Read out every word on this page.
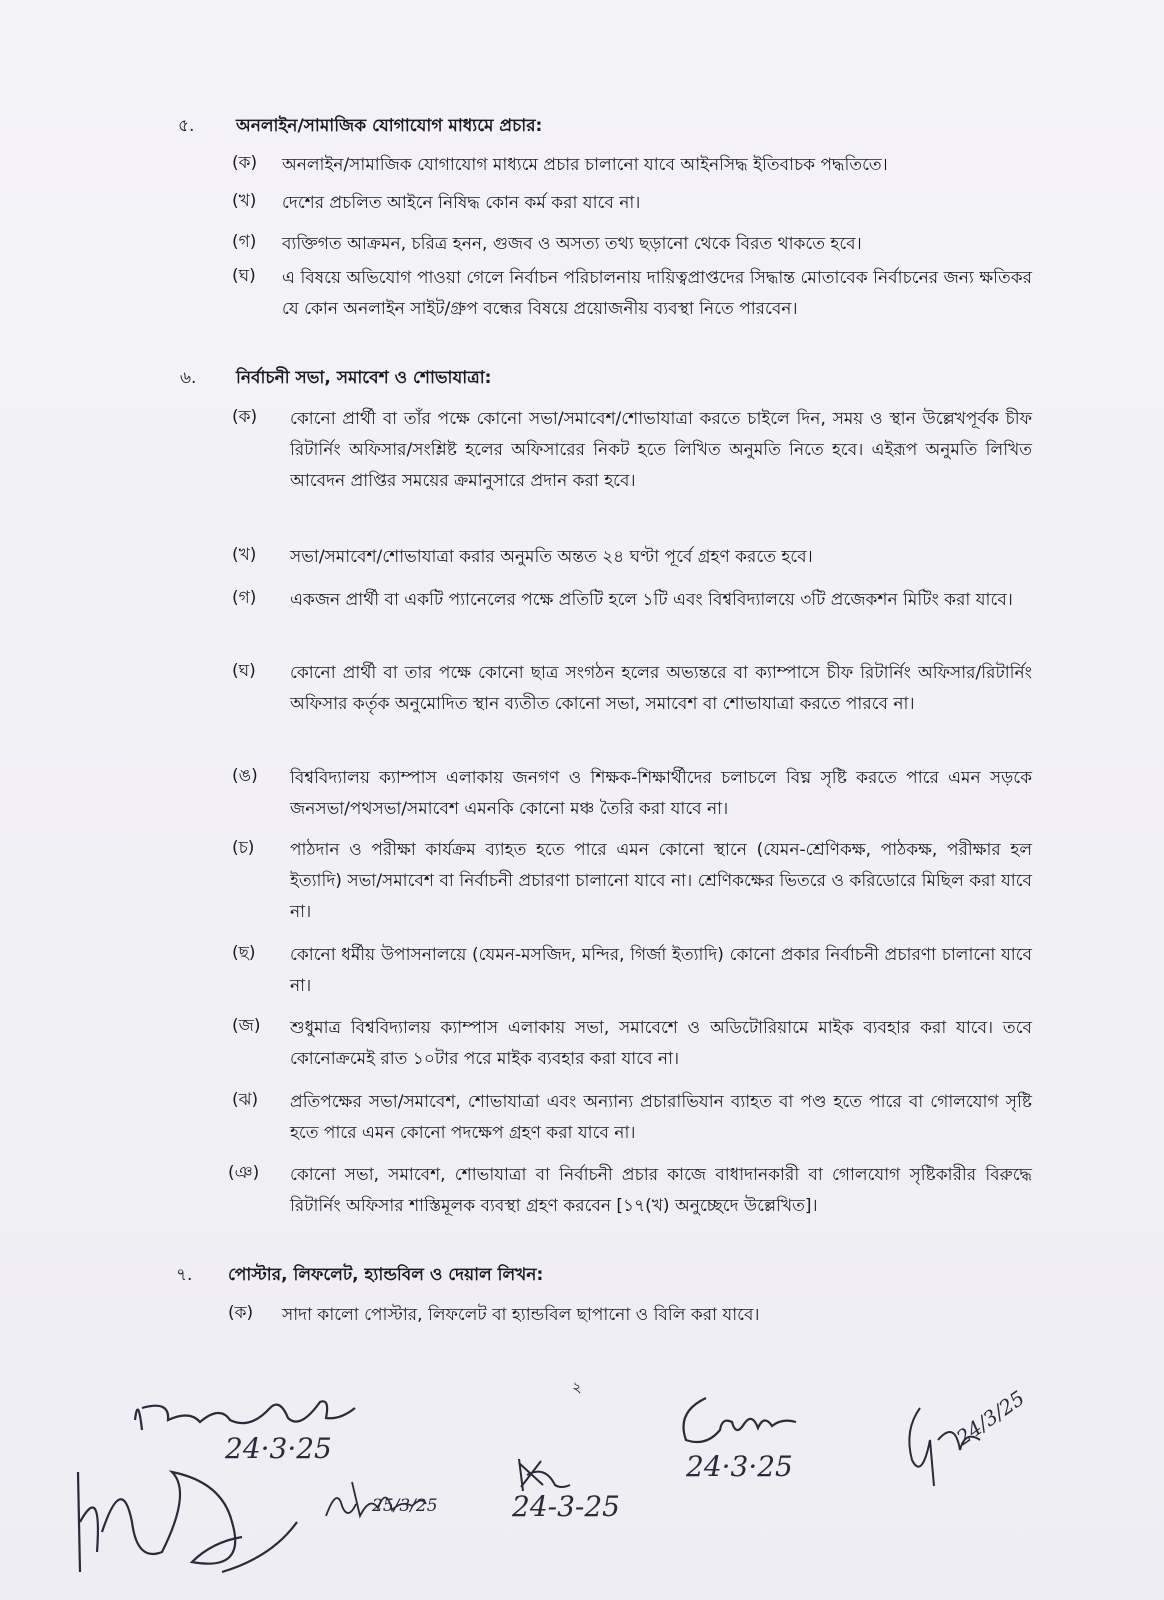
৫. অনলাইন/সামাজিক যোগাযোগ মাধ্যমে প্রচার:
(ক)	অনলাইন/সামাজিক যোগাযোগ মাধ্যমে প্রচার চালানো যাবে আইনসিদ্ধ ইতিবাচক পদ্ধতিতে।
(খ)	দেশের প্রচলিত আইনে নিষিদ্ধ কোন কর্ম করা যাবে না।
(গ)	ব্যক্তিগত আক্রমন, চরিত্র হনন, গুজব ও অসত্য তথ্য ছড়ানো থেকে বিরত থাকতে হবে।
(ঘ)	এ বিষয়ে অভিযোগ পাওয়া গেলে নির্বাচন পরিচালনায় দায়িত্বপ্রাপ্তদের সিদ্ধান্ত মোতাবেক নির্বাচনের জন্য ক্ষতিকর যে কোন অনলাইন সাইট/গ্রুপ বন্ধের বিষয়ে প্রয়োজনীয় ব্যবস্থা নিতে পারবেন।
৬. নির্বাচনী সভা, সমাবেশ ও শোভাযাত্রা:
(ক)	কোনো প্রার্থী বা তাঁর পক্ষে কোনো সভা/সমাবেশ/শোভাযাত্রা করতে চাইলে দিন, সময় ও স্থান উল্লেখপূর্বক চীফ রিটার্নিং অফিসার/সংশ্লিষ্ট হলের অফিসারের নিকট হতে লিখিত অনুমতি নিতে হবে। এইরূপ অনুমতি লিখিত আবেদন প্রাপ্তির সময়ের ক্রমানুসারে প্রদান করা হবে।
(খ)	সভা/সমাবেশ/শোভাযাত্রা করার অনুমতি অন্তত ২৪ ঘণ্টা পূর্বে গ্রহণ করতে হবে।
(গ)	একজন প্রার্থী বা একটি প্যানেলের পক্ষে প্রতিটি হলে ১টি এবং বিশ্ববিদ্যালয়ে ৩টি প্রজেকশন মিটিং করা যাবে।
(ঘ)	কোনো প্রার্থী বা তার পক্ষে কোনো ছাত্র সংগঠন হলের অভ্যন্তরে বা ক্যাম্পাসে চীফ রিটার্নিং অফিসার/রিটার্নিং অফিসার কর্তৃক অনুমোদিত স্থান ব্যতীত কোনো সভা, সমাবেশ বা শোভাযাত্রা করতে পারবে না।
(ঙ)	বিশ্ববিদ্যালয় ক্যাম্পাস এলাকায় জনগণ ও শিক্ষক-শিক্ষার্থীদের চলাচলে বিঘ্ন সৃষ্টি করতে পারে এমন সড়কে জনসভা/পথসভা/সমাবেশ এমনকি কোনো মঞ্চ তৈরি করা যাবে না।
(চ)	পাঠদান ও পরীক্ষা কার্যক্রম ব্যাহত হতে পারে এমন কোনো স্থানে (যেমন-শ্রেণিকক্ষ, পাঠকক্ষ, পরীক্ষার হল ইত্যাদি) সভা/সমাবেশ বা নির্বাচনী প্রচারণা চালানো যাবে না। শ্রেণিকক্ষের ভিতরে ও করিডোরে মিছিল করা যাবে না।
(ছ)	কোনো ধর্মীয় উপাসনালয়ে (যেমন-মসজিদ, মন্দির, গির্জা ইত্যাদি) কোনো প্রকার নির্বাচনী প্রচারণা চালানো যাবে না।
(জ)	শুধুমাত্র বিশ্ববিদ্যালয় ক্যাম্পাস এলাকায় সভা, সমাবেশে ও অডিটোরিয়ামে মাইক ব্যবহার করা যাবে। তবে কোনোক্রমেই রাত ১০টার পরে মাইক ব্যবহার করা যাবে না।
(ঝ)	প্রতিপক্ষের সভা/সমাবেশ, শোভাযাত্রা এবং অন্যান্য প্রচারাভিযান ব্যাহত বা পণ্ড হতে পারে বা গোলযোগ সৃষ্টি হতে পারে এমন কোনো পদক্ষেপ গ্রহণ করা যাবে না।
(ঞ)	কোনো সভা, সমাবেশ, শোভাযাত্রা বা নির্বাচনী প্রচার কাজে বাধাদানকারী বা গোলযোগ সৃষ্টিকারীর বিরুদ্ধে রিটার্নিং অফিসার শাস্তিমূলক ব্যবস্থা গ্রহণ করবেন [১৭(খ) অনুচ্ছেদে উল্লেখিত]।
৭. পোস্টার, লিফলেট, হ্যান্ডবিল ও দেয়াল লিখন:
(ক)	সাদা কালো পোস্টার, লিফলেট বা হ্যান্ডবিল ছাপানো ও বিলি করা যাবে।
২
24·3·25
25/3/25	24-3-25
24·3·25
24/3/25
